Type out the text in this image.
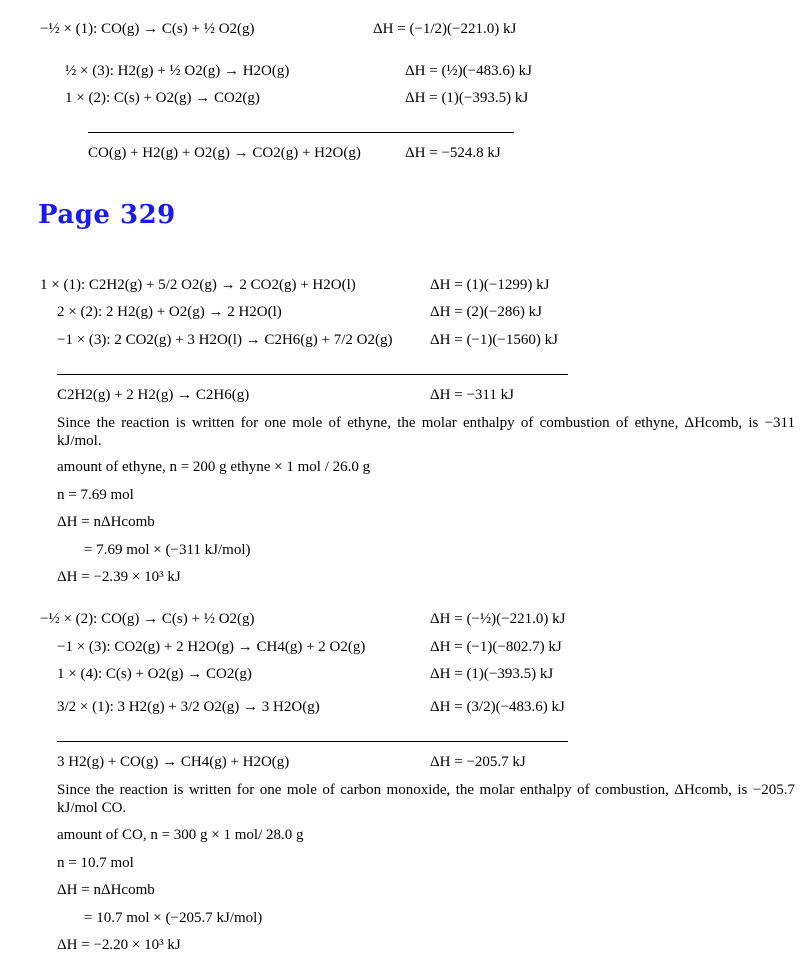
−½ × (1): CO(g) → C(s) + ½ O2(g)	ΔH = (−1/2)(−221.0) kJ
½ × (3): H2(g) + ½ O2(g) → H2O(g)	ΔH = (½)(−483.6) kJ
1 × (2): C(s) + O2(g) → CO2(g)	ΔH = (1)(−393.5) kJ
CO(g) + H2(g) + O2(g) → CO2(g) + H2O(g)	ΔH = −524.8 kJ
Page 329
1 × (1): C2H2(g) + 5/2 O2(g) → 2 CO2(g) + H2O(l)	ΔH = (1)(−1299) kJ
2 × (2): 2 H2(g) + O2(g) → 2 H2O(l)	ΔH = (2)(−286) kJ
−1 × (3): 2 CO2(g) + 3 H2O(l) → C2H6(g) + 7/2 O2(g)	ΔH = (−1)(−1560) kJ
C2H2(g) + 2 H2(g) → C2H6(g)	ΔH = −311 kJ
Since the reaction is written for one mole of ethyne, the molar enthalpy of combustion of ethyne, ΔHcomb, is −311 kJ/mol.
amount of ethyne, n = 200 g ethyne × 1 mol / 26.0 g
n = 7.69 mol
ΔH = nΔHcomb
= 7.69 mol × (−311 kJ/mol)
ΔH = −2.39 × 10³ kJ
−½ × (2): CO(g) → C(s) + ½ O2(g)	ΔH = (−½)(−221.0) kJ
−1 × (3): CO2(g) + 2 H2O(g) → CH4(g) + 2 O2(g)	ΔH = (−1)(−802.7) kJ
1 × (4): C(s) + O2(g) → CO2(g)	ΔH = (1)(−393.5) kJ
3/2 × (1): 3 H2(g) + 3/2 O2(g) → 3 H2O(g)	ΔH = (3/2)(−483.6) kJ
3 H2(g) + CO(g) → CH4(g) + H2O(g)	ΔH = −205.7 kJ
Since the reaction is written for one mole of carbon monoxide, the molar enthalpy of combustion, ΔHcomb, is −205.7 kJ/mol CO.
amount of CO, n = 300 g × 1 mol/ 28.0 g
n = 10.7 mol
ΔH = nΔHcomb
= 10.7 mol × (−205.7 kJ/mol)
ΔH = −2.20 × 10³ kJ
